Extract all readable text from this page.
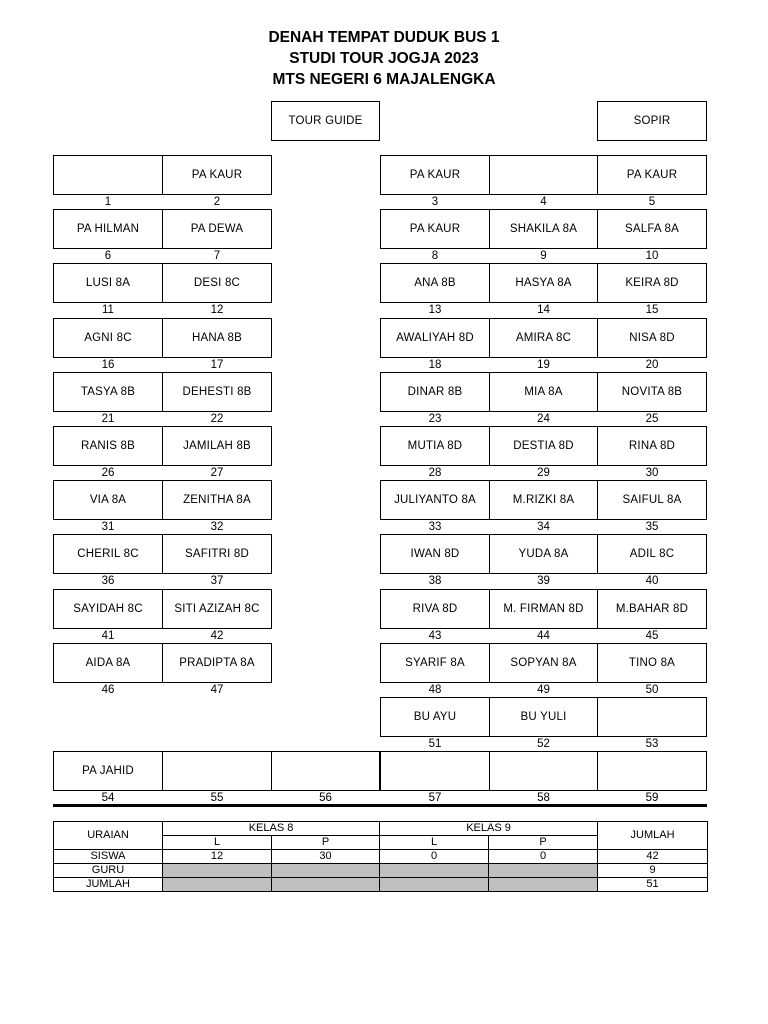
DENAH TEMPAT DUDUK BUS 1
STUDI TOUR JOGJA 2023
MTS NEGERI 6 MAJALENGKA
TOUR GUIDE	SOPIR
1
PA KAUR
2
PA KAUR
3	4
PA KAUR
5
PA HILMAN
6
PA DEWA
7
PA KAUR
8
SHAKILA 8A
9
SALFA 8A
10
LUSI 8A
11
DESI 8C
12
ANA 8B
13
HASYA 8A
14
KEIRA 8D
15
AGNI 8C
16
HANA 8B
17
AWALIYAH 8D
18
AMIRA 8C
19
NISA 8D
20
TASYA 8B
21
DEHESTI 8B
22
DINAR 8B
23
MIA 8A
24
NOVITA 8B
25
RANIS 8B
26
JAMILAH 8B
27
MUTIA 8D
28
DESTIA 8D
29
RINA 8D
30
VIA 8A
31
ZENITHA 8A
32
JULIYANTO 8A
33
M.RIZKI 8A
34
SAIFUL 8A
35
CHERIL 8C
36
SAFITRI 8D
37
IWAN 8D
38
YUDA 8A
39
ADIL 8C
40
SAYIDAH 8C
41
SITI AZIZAH 8C
42
RIVA 8D
43
M. FIRMAN 8D
44
M.BAHAR 8D
45
AIDA 8A
46
PRADIPTA 8A
47
SYARIF 8A
48
SOPYAN 8A
49
TINO 8A
50
BU AYU
51
BU YULI
52	53
PA JAHID
54	55	56	57	58	59
URAIAN	KELAS 8		KELAS 9		JUMLAH
	L	P	L	P	
SISWA	12	30	0	0	42
GURU					9
JUMLAH					51
